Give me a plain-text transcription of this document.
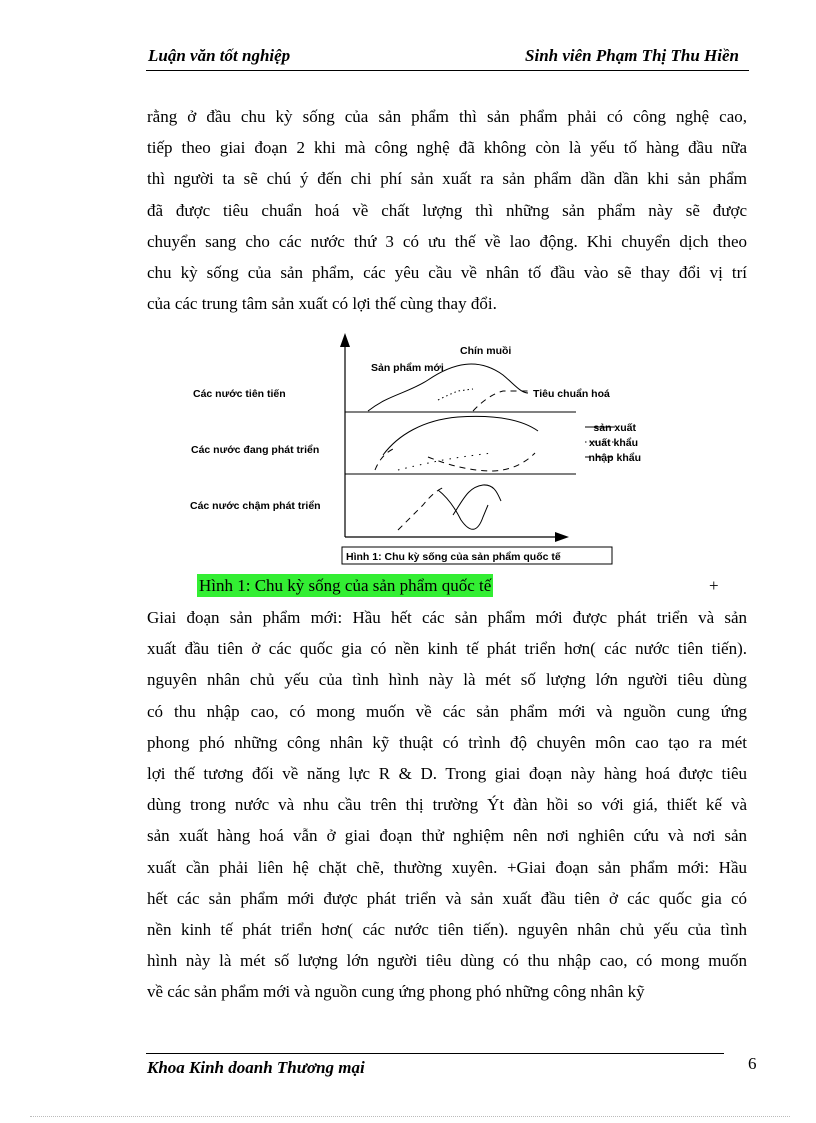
Luận văn tốt nghiệp	Sinh viên Phạm Thị Thu Hiền
rằng ở đầu chu kỳ sống của sản phẩm thì sản phẩm phải có công nghệ cao,
tiếp theo giai đoạn 2 khi mà công nghệ đã không còn là yếu tố hàng đầu nữa
thì người ta sẽ chú ý đến chi phí sản xuất ra sản phẩm dần dần khi sản phẩm
đã được tiêu chuẩn hoá về chất lượng thì những sản phẩm này sẽ được
chuyển sang cho các nước thứ 3 có ưu thế về lao động. Khi chuyển dịch theo
chu kỳ sống của sản phẩm, các yêu cầu về nhân tố đầu vào sẽ thay đổi vị trí
của các trung tâm sản xuất có lợi thế cùng thay đổi.
Chín muồi
Sản phẩm mới
Tiêu chuẩn hoá
Các nước tiên tiến
Các nước đang phát triển
Các nước chậm phát triển
sản xuất
xuất khẩu
nhập khẩu
Hình 1: Chu kỳ sống của sản phẩm quốc tế
Hình 1: Chu kỳ sống của sản phẩm quốc tế	+
Giai đoạn sản phẩm mới: Hầu hết các sản phẩm mới được phát triển và sản
xuất đầu tiên ở các quốc gia có nền kinh tế phát triển hơn( các nước tiên tiến).
nguyên nhân chủ yếu của tình hình này là mét số lượng lớn người tiêu dùng
có thu nhập cao, có mong muốn về các sản phẩm mới và nguồn cung ứng
phong phó những công nhân kỹ thuật có trình độ chuyên môn cao tạo ra mét
lợi thế tương đối về năng lực R & D. Trong giai đoạn này hàng hoá được tiêu
dùng trong nước và nhu cầu trên thị trường Ýt đàn hồi so với giá, thiết kế và
sản xuất hàng hoá vẫn ở giai đoạn thử nghiệm nên nơi nghiên cứu và nơi sản
xuất cần phải liên hệ chặt chẽ, thường xuyên. +Giai đoạn sản phẩm mới: Hầu
hết các sản phẩm mới được phát triển và sản xuất đầu tiên ở các quốc gia có
nền kinh tế phát triển hơn( các nước tiên tiến). nguyên nhân chủ yếu của tình
hình này là mét số lượng lớn người tiêu dùng có thu nhập cao, có mong muốn
về các sản phẩm mới và nguồn cung ứng phong phó những công nhân kỹ
Khoa Kinh doanh Thương mại	6
